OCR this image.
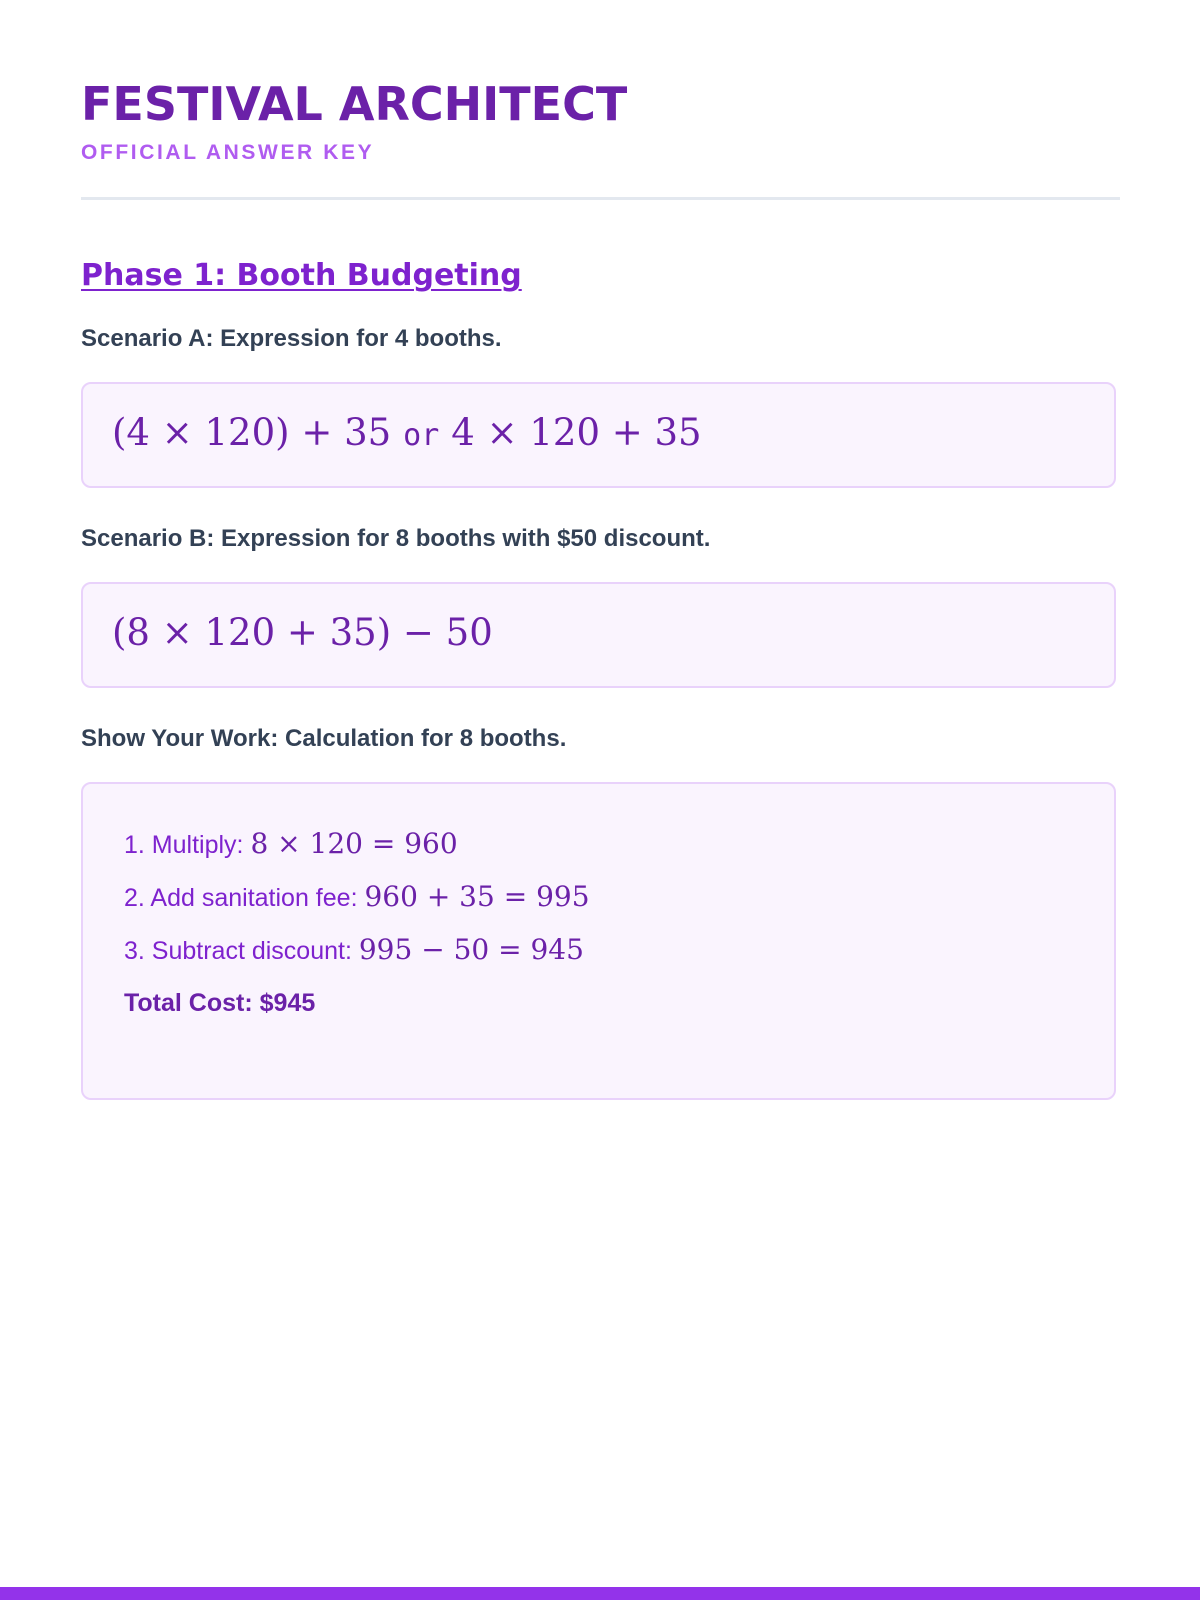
FESTIVAL ARCHITECT
OFFICIAL ANSWER KEY
Phase 1: Booth Budgeting
Scenario A: Expression for 4 booths.
(4 × 120) + 35 or 4 × 120 + 35
Scenario B: Expression for 8 booths with $50 discount.
(8 × 120 + 35) − 50
Show Your Work: Calculation for 8 booths.
1. Multiply: 8 × 120 = 960
2. Add sanitation fee: 960 + 35 = 995
3. Subtract discount: 995 − 50 = 945
Total Cost: $945
